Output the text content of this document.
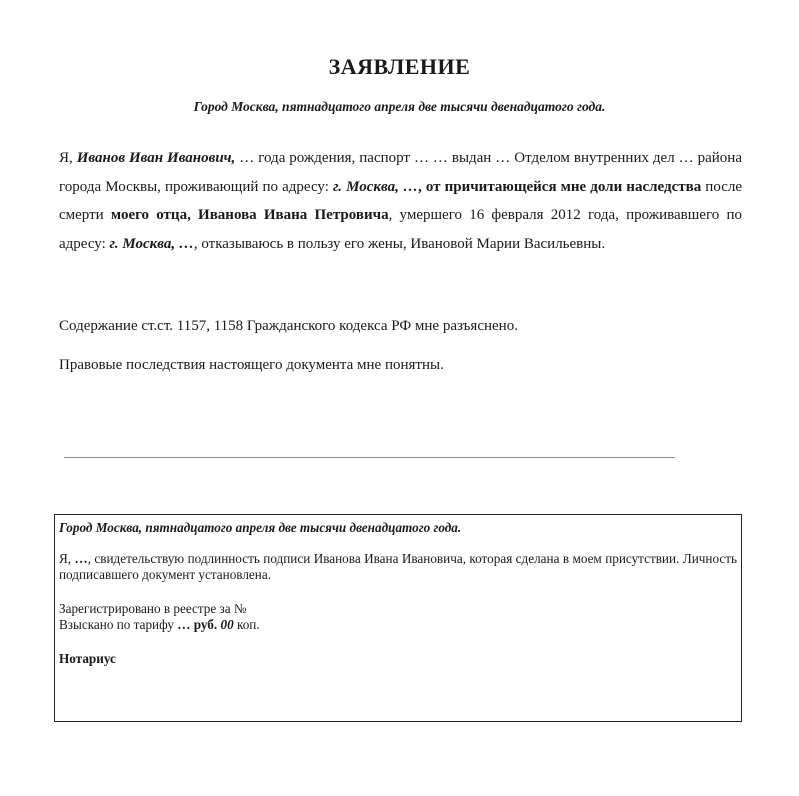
ЗАЯВЛЕНИЕ
Город Москва, пятнадцатого апреля две тысячи двенадцатого года.
Я, Иванов Иван Иванович, … года рождения, паспорт … … выдан … Отделом внутренних дел … района города Москвы, проживающий по адресу: г. Москва, …, от причитающейся мне доли наследства после смерти моего отца, Иванова Ивана Петровича, умершего 16 февраля 2012 года, проживавшего по адресу: г. Москва, …, отказываюсь в пользу его жены, Ивановой Марии Васильевны.
Содержание ст.ст. 1157, 1158 Гражданского кодекса РФ мне разъяснено.
Правовые последствия настоящего документа мне понятны.
Город Москва, пятнадцатого апреля две тысячи двенадцатого года.
Я, …, свидетельствую подлинность подписи Иванова Ивана Ивановича, которая сделана в моем присутствии. Личность подписавшего документ установлена.
Зарегистрировано в реестре за №
Взыскано по тарифу … руб. 00 коп.
Нотариус
